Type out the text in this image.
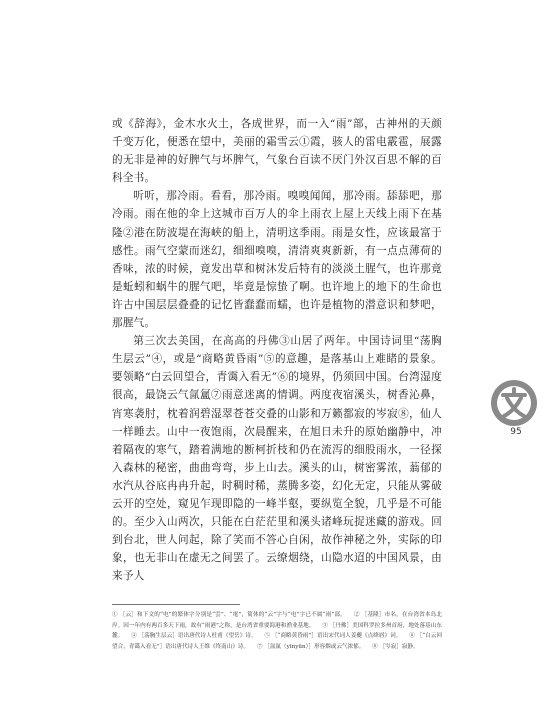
或《辞海》，金木水火土，各成世界，而一入“雨”部，古神州的天颜千变万化，便悉在望中，美丽的霜雪云①霞，骇人的雷电霰雹，展露的无非是神的好脾气与坏脾气，气象台百读不厌门外汉百思不解的百科全书。

听听，那冷雨。看看，那冷雨。嗅嗅闻闻，那冷雨。舔舔吧，那冷雨。雨在他的伞上这城市百万人的伞上雨衣上屋上天线上雨下在基隆②港在防波堤在海峡的船上，清明这季雨。雨是女性，应该最富于感性。雨气空蒙而迷幻，细细嗅嗅，清清爽爽新新，有一点点薄荷的香味，浓的时候，竟发出草和树沐发后特有的淡淡土腥气，也许那竟是蚯蚓和蜗牛的腥气吧，毕竟是惊蛰了啊。也许地上的地下的生命也许古中国层层叠叠的记忆皆蠢蠢而蠕，也许是植物的潜意识和梦吧，那腥气。

第三次去美国，在高高的丹佛③山居了两年。中国诗词里“荡胸生层云”④，或是“商略黄昏雨”⑤的意趣，是落基山上难睹的景象。要领略“白云回望合，青霭入看无”⑥的境界，仍须回中国。台湾湿度很高，最饶云气氤氲⑦雨意迷离的情调。两度夜宿溪头，树香沁鼻，宵寒袭肘，枕着润碧湿翠苍苍交叠的山影和万籁都寂的岑寂⑧，仙人一样睡去。山中一夜饱雨，次晨醒来，在旭日未升的原始幽静中，冲着隔夜的寒气，踏着满地的断柯折枝和仍在流泻的细股雨水，一径探入森林的秘密，曲曲弯弯，步上山去。溪头的山，树密雾浓，蓊郁的水汽从谷底冉冉升起，时稠时稀，蒸腾多姿，幻化无定，只能从雾破云开的空处，窥见乍现即隐的一峰半壑，要纵览全貌，几乎是不可能的。至少入山两次，只能在白茫茫里和溪头诸峰玩捉迷藏的游戏。回到台北，世人问起，除了笑而不答心自闲，故作神秘之外，实际的印象，也无非山在虚无之间罢了。云缭烟绕，山隐水迢的中国风景，由来予人

① ［云］和下文的“电”的繁体字分别是“雲”、“電”，简体的“云”字与“电”字已不属“雨”部。 ② ［基隆］市名，在台湾省本岛北岸。因一年内有两百多天下雨，故有“雨港”之称，是台湾省重要海港和渔业基地。 ③ ［丹佛］美国科罗拉多州首府，地处落基山东麓。 ④ ［荡胸生层云］语出唐代诗人杜甫《望岳》诗。 ⑤ ［“商略黄昏雨”］语出宋代词人姜夔《点绛唇》词。 ⑥ ［“白云回望合，青霭入看无”］语出唐代诗人王维《终南山》诗。 ⑦ ［氤氲（yīnyūn）］形容烟或云气浓郁。 ⑧ ［岑寂］寂静。

95
